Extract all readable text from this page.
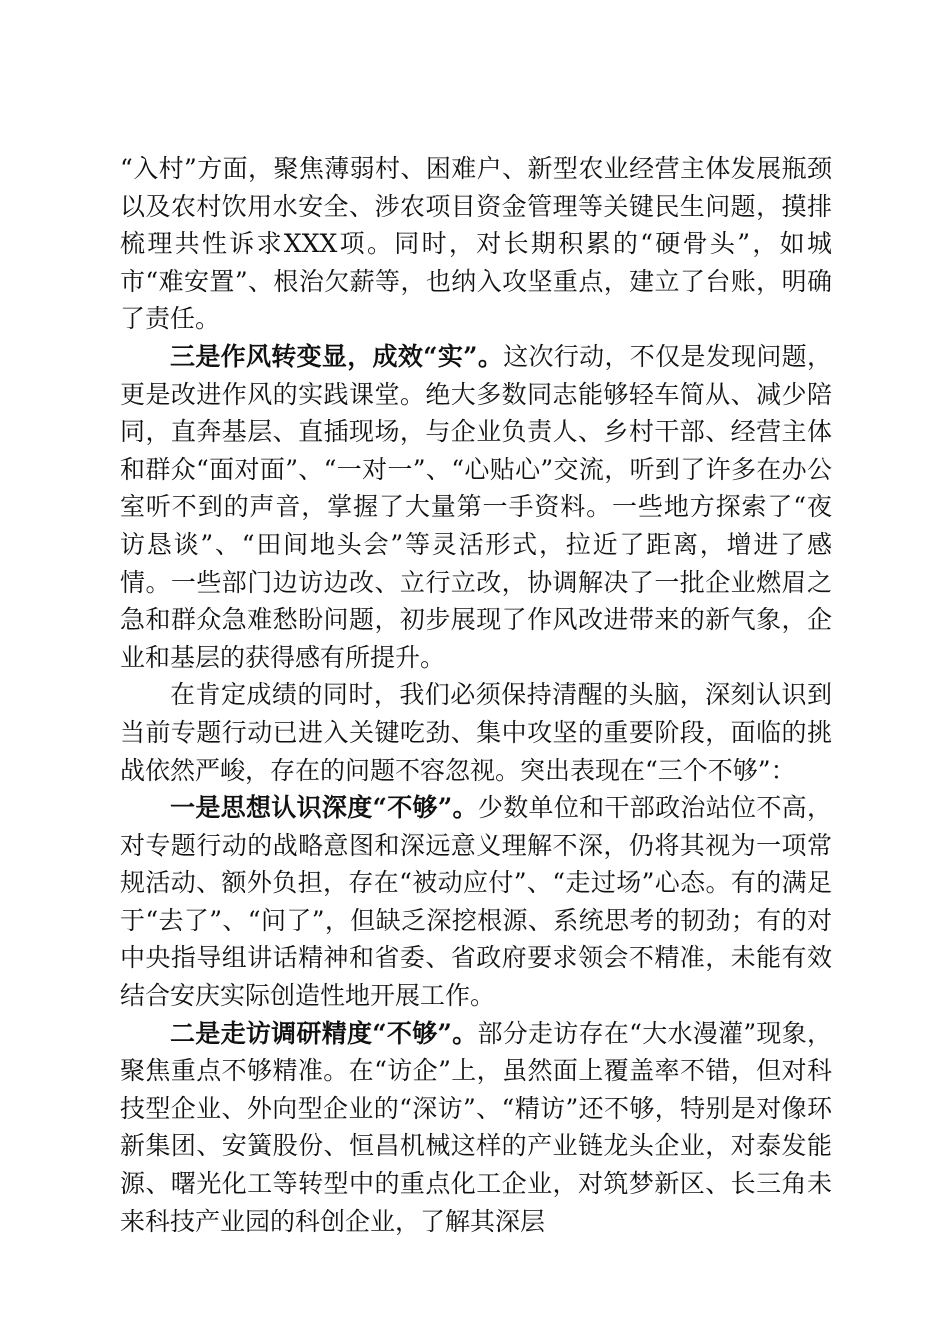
“入村”方面，聚焦薄弱村、困难户、新型农业经营主体发展瓶颈以及农村饮用水安全、涉农项目资金管理等关键民生问题，摸排梳理共性诉求XXX项。同时，对长期积累的“硬骨头”，如城市“难安置”、根治欠薪等，也纳入攻坚重点，建立了台账，明确了责任。

三是作风转变显，成效“实”。这次行动，不仅是发现问题，更是改进作风的实践课堂。绝大多数同志能够轻车简从、减少陪同，直奔基层、直插现场，与企业负责人、乡村干部、经营主体和群众“面对面”、“一对一”、“心贴心”交流，听到了许多在办公室听不到的声音，掌握了大量第一手资料。一些地方探索了“夜访恳谈”、“田间地头会”等灵活形式，拉近了距离，增进了感情。一些部门边访边改、立行立改，协调解决了一批企业燃眉之急和群众急难愁盼问题，初步展现了作风改进带来的新气象，企业和基层的获得感有所提升。

在肯定成绩的同时，我们必须保持清醒的头脑，深刻认识到当前专题行动已进入关键吃劲、集中攻坚的重要阶段，面临的挑战依然严峻，存在的问题不容忽视。突出表现在“三个不够”：

一是思想认识深度“不够”。少数单位和干部政治站位不高，对专题行动的战略意图和深远意义理解不深，仍将其视为一项常规活动、额外负担，存在“被动应付”、“走过场”心态。有的满足于“去了”、“问了”，但缺乏深挖根源、系统思考的韧劲；有的对中央指导组讲话精神和省委、省政府要求领会不精准，未能有效结合安庆实际创造性地开展工作。

二是走访调研精度“不够”。部分走访存在“大水漫灌”现象，聚焦重点不够精准。在“访企”上，虽然面上覆盖率不错，但对科技型企业、外向型企业的“深访”、“精访”还不够，特别是对像环新集团、安簧股份、恒昌机械这样的产业链龙头企业，对泰发能源、曙光化工等转型中的重点化工企业，对筑梦新区、长三角未来科技产业园的科创企业，了解其深层
